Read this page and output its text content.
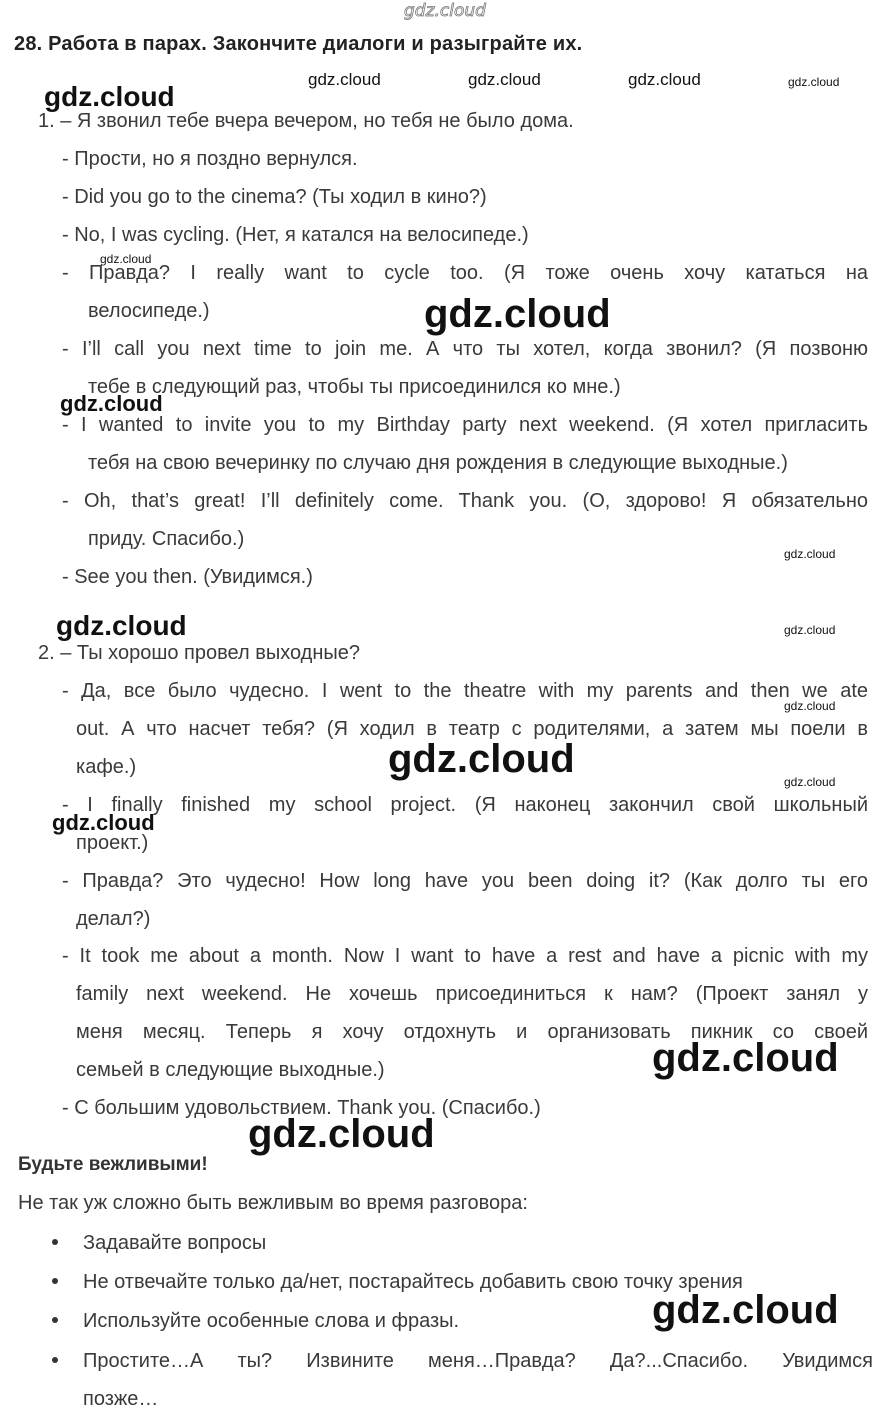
gdz.cloud
28. Работа в парах. Закончите диалоги и разыграйте их.
gdz.cloud	gdz.cloud	gdz.cloud	gdz.cloud
gdz.cloud
1. – Я звонил тебе вчера вечером, но тебя не было дома.
- Прости, но я поздно вернулся.
- Did you go to the cinema? (Ты ходил в кино?)
- No, I was cycling. (Нет, я катался на велосипеде.)
gdz.cloud
- Правда? I really want to cycle too. (Я тоже очень хочу кататься на
велосипеде.)	gdz.cloud
- I’ll call you next time to join me. А что ты хотел, когда звонил? (Я позвоню
тебе в следующий раз, чтобы ты присоединился ко мне.)
gdz.cloud
- I wanted to invite you to my Birthday party next weekend. (Я хотел пригласить
тебя на свою вечеринку по случаю дня рождения в следующие выходные.)
- Oh, that’s great! I’ll definitely come. Thank you. (О, здорово! Я обязательно
приду. Спасибо.)
gdz.cloud
- See you then. (Увидимся.)
gdz.cloud	gdz.cloud
2. – Ты хорошо провел выходные?
- Да, все было чудесно. I went to the theatre with my parents and then we ate
gdz.cloud
out. А что насчет тебя? (Я ходил в театр с родителями, а затем мы поели в
кафе.)	gdz.cloud
gdz.cloud
- I finally finished my school project. (Я наконец закончил свой школьный
gdz.cloud
проект.)
- Правда? Это чудесно! How long have you been doing it? (Как долго ты его
делал?)
- It took me about a month. Now I want to have a rest and have a picnic with my
family next weekend. Не хочешь присоединиться к нам? (Проект занял у
меня месяц. Теперь я хочу отдохнуть и организовать пикник со своей
семьей в следующие выходные.)	gdz.cloud
- С большим удовольствием. Thank you. (Спасибо.)
gdz.cloud
Будьте вежливыми!
Не так уж сложно быть вежливым во время разговора:
Задавайте вопросы
Не отвечайте только да/нет, постарайтесь добавить свою точку зрения
gdz.cloud
Используйте особенные слова и фразы.
Простите…А ты? Извините меня…Правда? Да?...Спасибо. Увидимся
позже…
